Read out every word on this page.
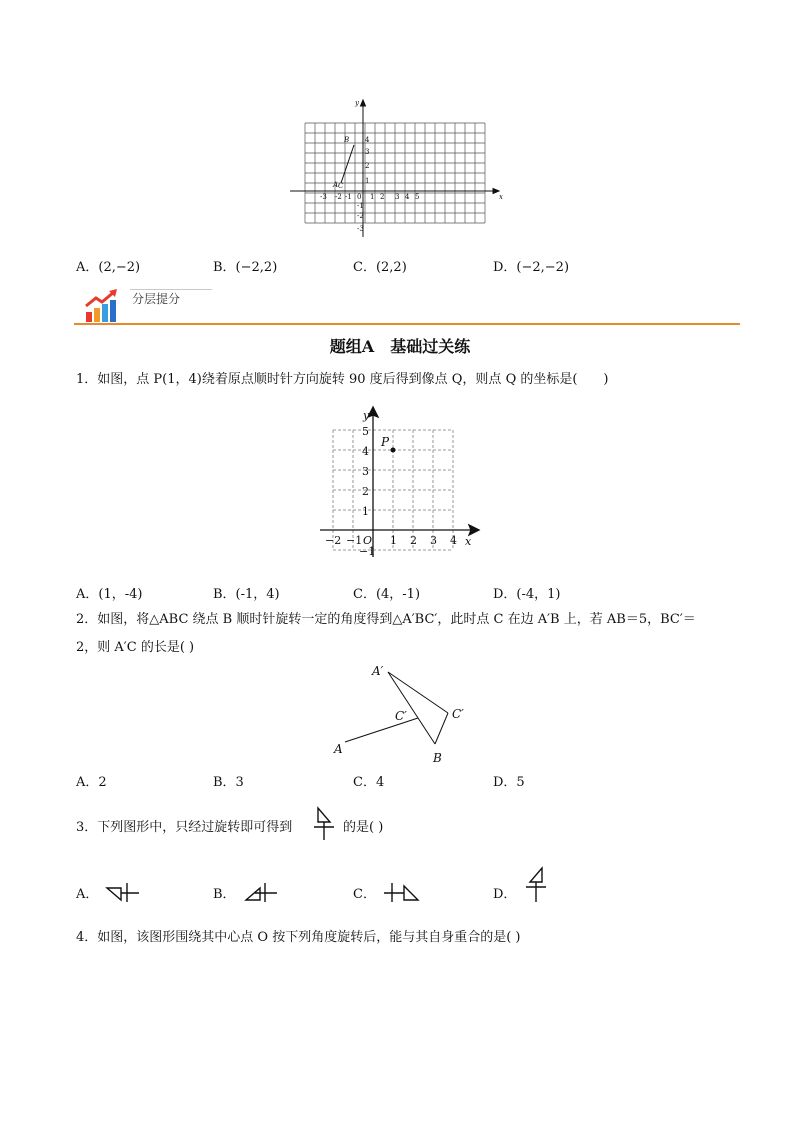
x
y
-3 -2 -1 0 1 2 3 4 5
1
2
3
4
-1
-2
-3
A
B
C
A．(2,−2)	B．(−2,2)	C．(2,2)	D．(−2,−2)
分层提分
题组A　基础过关练
1．如图，点 P(1，4)绕着原点顺时针方向旋转 90 度后得到像点 Q，则点 Q 的坐标是(　　)
x
y
O
P
−2 −1	1 2 3 4
5
4
3
2
1
−1
A．(1，-4)	B．(-1，4)	C．(4，-1)	D．(-4，1)
2．如图，将△ABC 绕点 B 顺时针旋转一定的角度得到△A′BC′，此时点 C 在边 A′B 上，若 AB＝5，BC′＝
2，则 A′C 的长是( )
A′
C′	C′
A
B
A．2	B．3	C．4	D．5
3．下列图形中，只经过旋转即可得到	的是( )
A．	B．	C．	D．
4．如图，该图形围绕其中心点 O 按下列角度旋转后，能与其自身重合的是( )
